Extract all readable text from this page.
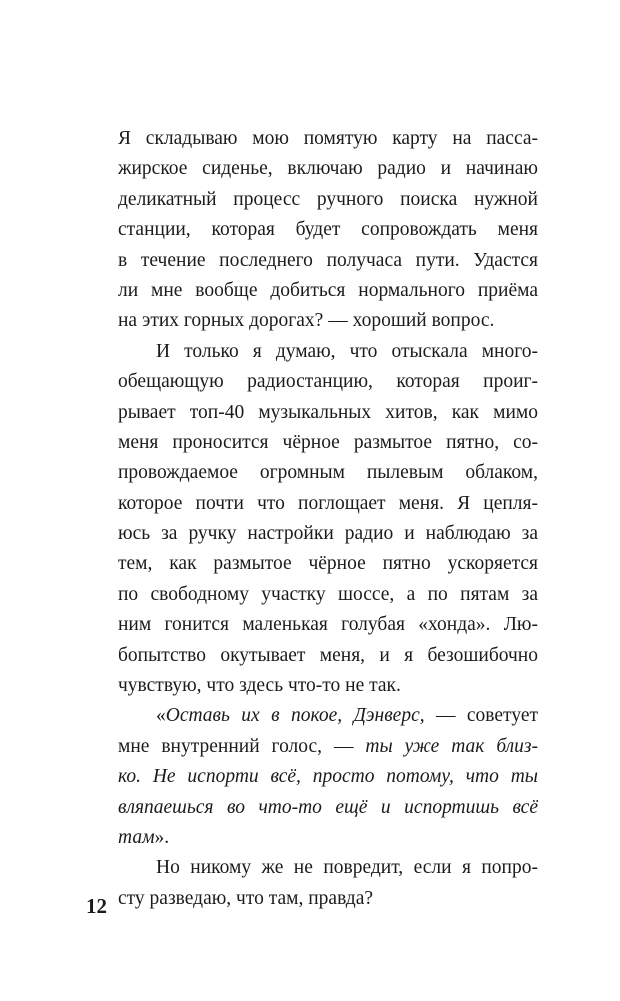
Я складываю мою помятую карту на пасса-
жирское сиденье, включаю радио и начинаю
деликатный процесс ручного поиска нужной
станции, которая будет сопровождать меня
в течение последнего получаса пути. Удастся
ли мне вообще добиться нормального приёма
на этих горных дорогах? — хороший вопрос.
И только я думаю, что отыскала много-
обещающую радиостанцию, которая проиг-
рывает топ-40 музыкальных хитов, как мимо
меня проносится чёрное размытое пятно, со-
провождаемое огромным пылевым облаком,
которое почти что поглощает меня. Я цепля-
юсь за ручку настройки радио и наблюдаю за
тем, как размытое чёрное пятно ускоряется
по свободному участку шоссе, а по пятам за
ним гонится маленькая голубая «хонда». Лю-
бопытство окутывает меня, и я безошибочно
чувствую, что здесь что-то не так.
«Оставь их в покое, Дэнверс, — советует
мне внутренний голос, — ты уже так близ-
ко. Не испорти всё, просто потому, что ты
вляпаешься во что-то ещё и испортишь всё
там».
Но никому же не повредит, если я попро-
сту разведаю, что там, правда?
12
